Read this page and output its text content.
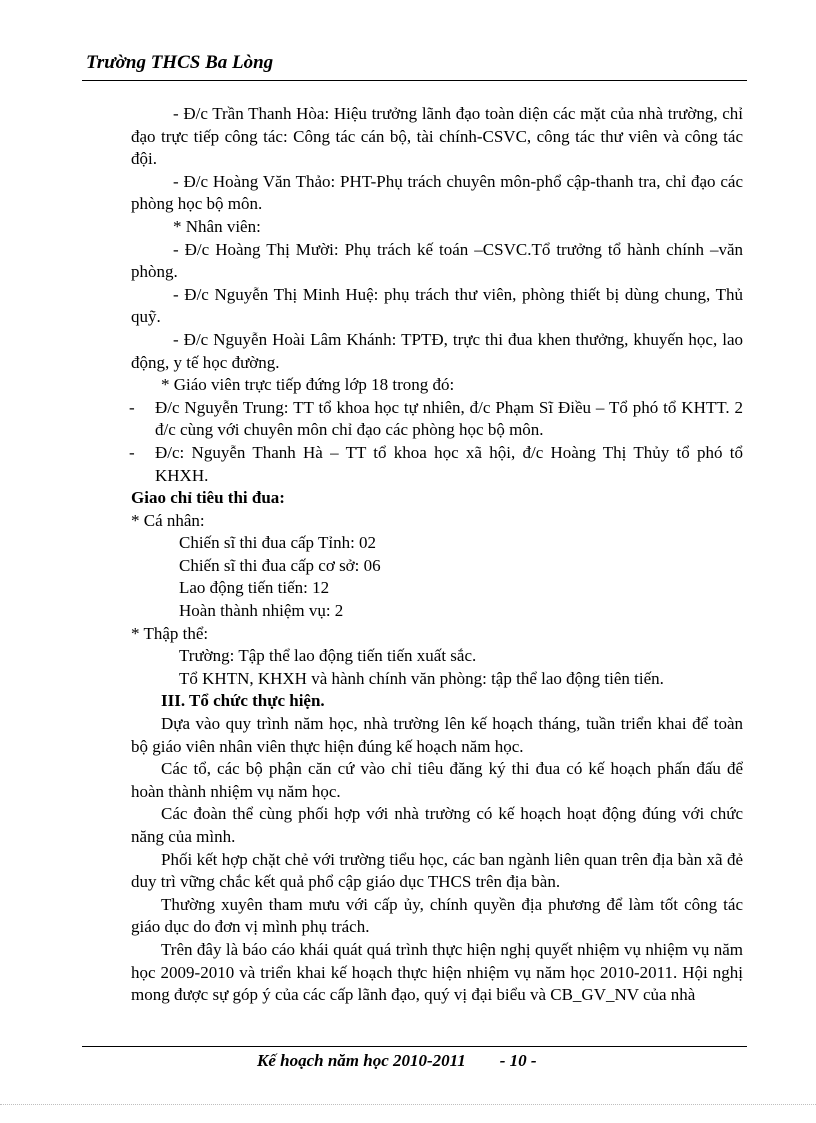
Trường THCS Ba Lòng

- Đ/c Trần Thanh Hòa: Hiệu trưởng lãnh đạo toàn diện các mặt của nhà trường, chỉ đạo trực tiếp công tác: Công tác cán bộ, tài chính-CSVC, công tác thư viên và công tác đội.

- Đ/c Hoàng Văn Thảo: PHT-Phụ trách chuyên môn-phổ cập-thanh tra, chỉ đạo các phòng học bộ môn.

* Nhân viên:

- Đ/c Hoàng Thị Mười: Phụ trách kế toán –CSVC.Tổ trưởng tổ hành chính –văn phòng.

- Đ/c Nguyễn Thị Minh Huệ: phụ trách thư viên, phòng thiết bị dùng chung, Thủ quỹ.

- Đ/c Nguyễn Hoài Lâm Khánh: TPTĐ, trực thi đua khen thưởng, khuyến học, lao động, y tế học đường.

* Giáo viên trực tiếp đứng lớp 18 trong đó:

-	Đ/c Nguyễn Trung: TT tổ khoa học tự nhiên, đ/c Phạm Sĩ Điều – Tổ phó tổ KHTT. 2 đ/c cùng với chuyên môn chỉ đạo các phòng học bộ môn.
-	Đ/c: Nguyễn Thanh Hà – TT tổ khoa học xã hội, đ/c Hoàng Thị Thủy tổ phó tổ KHXH.

Giao chỉ tiêu thi đua:

* Cá nhân:

Chiến sĩ thi đua cấp Tỉnh: 02

Chiến sĩ thi đua cấp cơ sở: 06

Lao động tiến tiến: 12

Hoàn thành nhiệm vụ: 2

* Thập thể:

Trường: Tập thể lao động tiến tiến xuất sắc.

Tổ KHTN, KHXH và hành chính văn phòng: tập thể lao động tiên tiến.

III. Tổ chức thực hiện.

Dựa vào quy trình năm học, nhà trường lên kế hoạch tháng, tuần triển khai để toàn bộ giáo viên nhân viên thực hiện đúng kế hoạch năm học.

Các tổ, các bộ phận căn cứ vào chỉ tiêu đăng ký thi đua có kế hoạch phấn đấu để hoàn thành nhiệm vụ năm học.

Các đoàn thể cùng phối hợp với nhà trường có kế hoạch hoạt động đúng với chức năng của mình.

Phối kết hợp chặt chẻ với trường tiểu học, các ban ngành liên quan trên địa bàn xã đẻ duy trì vững chắc kết quả phổ cập giáo dục THCS trên địa bàn.

Thường xuyên tham mưu với cấp ủy, chính quyền địa phương để làm tốt công tác giáo dục do đơn vị mình phụ trách.

Trên đây là báo cáo khái quát quá trình thực hiện nghị quyết nhiệm vụ nhiệm vụ năm học 2009-2010 và triển khai kế hoạch thực hiện nhiệm vụ năm học 2010-2011. Hội nghị mong được sự góp ý của các cấp lãnh đạo, quý vị đại biểu và CB_GV_NV của nhà

Kế hoạch năm học 2010-2011        - 10 -
